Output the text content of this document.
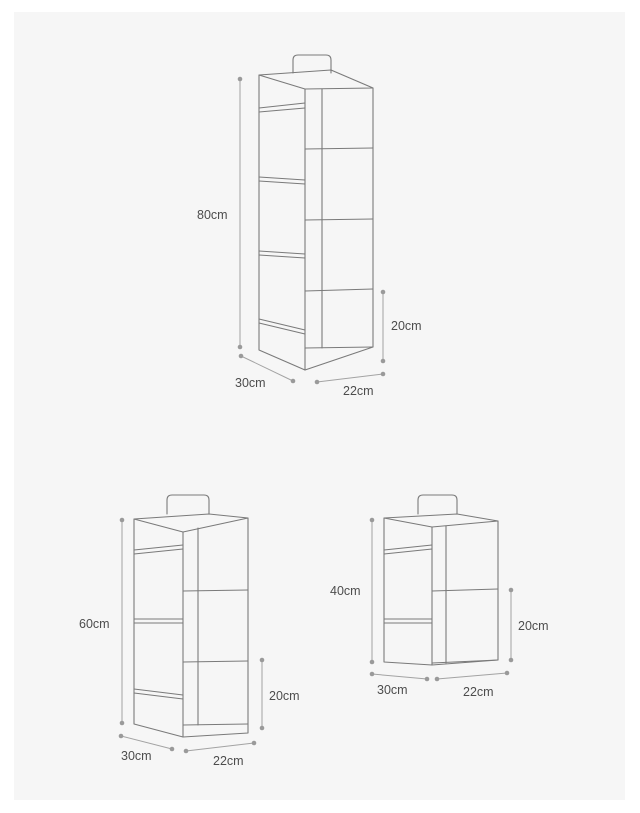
80cm
20cm
30cm
22cm
60cm
20cm
30cm	22cm
40cm
20cm
30cm	22cm
